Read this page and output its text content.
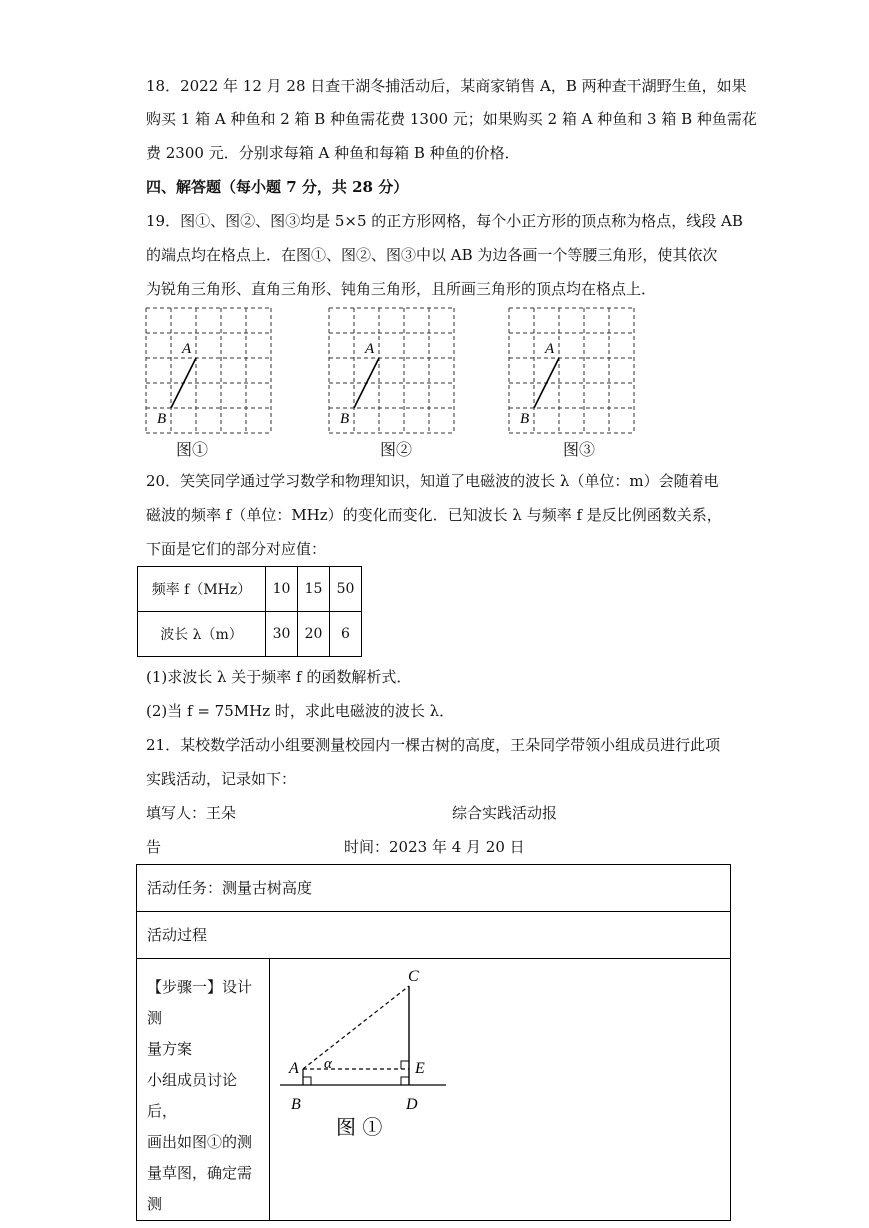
18．2022 年 12 月 28 日查干湖冬捕活动后，某商家销售 A，B 两种查干湖野生鱼，如果
购买 1 箱 A 种鱼和 2 箱 B 种鱼需花费 1300 元；如果购买 2 箱 A 种鱼和 3 箱 B 种鱼需花
费 2300 元．分别求每箱 A 种鱼和每箱 B 种鱼的价格．
四、解答题（每小题 7 分，共 28 分）
19．图①、图②、图③均是 5×5 的正方形网格，每个小正方形的顶点称为格点，线段 AB
的端点均在格点上．在图①、图②、图③中以 AB 为边各画一个等腰三角形，使其依次
为锐角三角形、直角三角形、钝角三角形，且所画三角形的顶点均在格点上．
A
B
图①
A
B
图②
A
B
图③
20．笑笑同学通过学习数学和物理知识，知道了电磁波的波长 λ（单位：m）会随着电
磁波的频率 f（单位：MHz）的变化而变化．已知波长 λ 与频率 f 是反比例函数关系，
下面是它们的部分对应值：
频率 f（MHz）	10	15	50
波长 λ（m）	30	20	6
(1)求波长 λ 关于频率 f 的函数解析式．
(2)当 f = 75MHz 时，求此电磁波的波长 λ．
21．某校数学活动小组要测量校园内一棵古树的高度，王朵同学带领小组成员进行此项
实践活动，记录如下：
填写人：王朵	综合实践活动报
告	时间：2023 年 4 月 20 日
活动任务：测量古树高度

活动过程

【步骤一】设计测
量方案
小组成员讨论后，
画出如图①的测
量草图，确定需测

C
A α	E
B	D
图 ①
